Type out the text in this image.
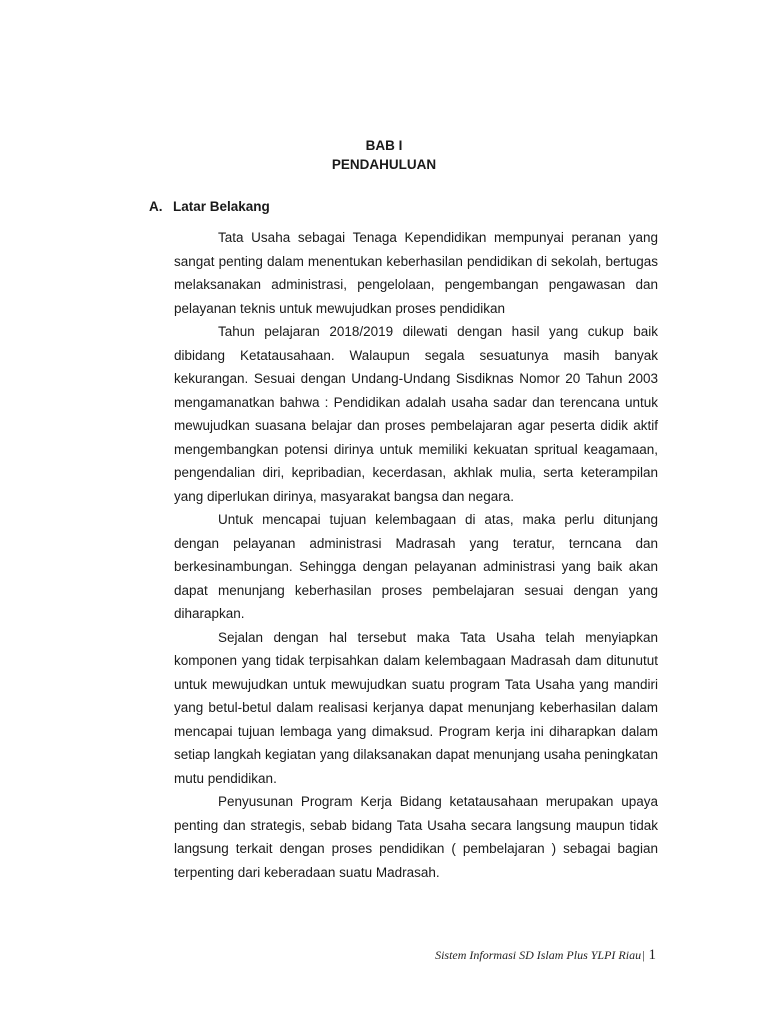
BAB I
PENDAHULUAN
A. Latar Belakang

Tata Usaha sebagai Tenaga Kependidikan mempunyai peranan yang sangat penting dalam menentukan keberhasilan pendidikan di sekolah, bertugas melaksanakan administrasi, pengelolaan, pengembangan pengawasan dan pelayanan teknis untuk mewujudkan proses pendidikan

Tahun pelajaran 2018/2019 dilewati dengan hasil yang cukup baik dibidang Ketatausahaan. Walaupun segala sesuatunya masih banyak kekurangan. Sesuai dengan Undang-Undang Sisdiknas Nomor 20 Tahun 2003 mengamanatkan bahwa : Pendidikan adalah usaha sadar dan terencana untuk mewujudkan suasana belajar dan proses pembelajaran agar peserta didik aktif mengembangkan potensi dirinya untuk memiliki kekuatan spritual keagamaan, pengendalian diri, kepribadian, kecerdasan, akhlak mulia, serta keterampilan yang diperlukan dirinya, masyarakat bangsa dan negara.

Untuk mencapai tujuan kelembagaan di atas, maka perlu ditunjang dengan pelayanan administrasi Madrasah yang teratur, terncana dan berkesinambungan. Sehingga dengan pelayanan administrasi yang baik akan dapat menunjang keberhasilan proses pembelajaran sesuai dengan yang diharapkan.

Sejalan dengan hal tersebut maka Tata Usaha telah menyiapkan komponen yang tidak terpisahkan dalam kelembagaan Madrasah dam ditunutut untuk mewujudkan untuk mewujudkan suatu program Tata Usaha yang mandiri yang betul-betul dalam realisasi kerjanya dapat menunjang keberhasilan dalam mencapai tujuan lembaga yang dimaksud. Program kerja ini diharapkan dalam setiap langkah kegiatan yang dilaksanakan dapat menunjang usaha peningkatan mutu pendidikan.

Penyusunan Program Kerja Bidang ketatausahaan merupakan upaya penting dan strategis, sebab bidang Tata Usaha secara langsung maupun tidak langsung terkait dengan proses pendidikan ( pembelajaran ) sebagai bagian terpenting dari keberadaan suatu Madrasah.

Sistem Informasi SD Islam Plus YLPI Riau| 1
